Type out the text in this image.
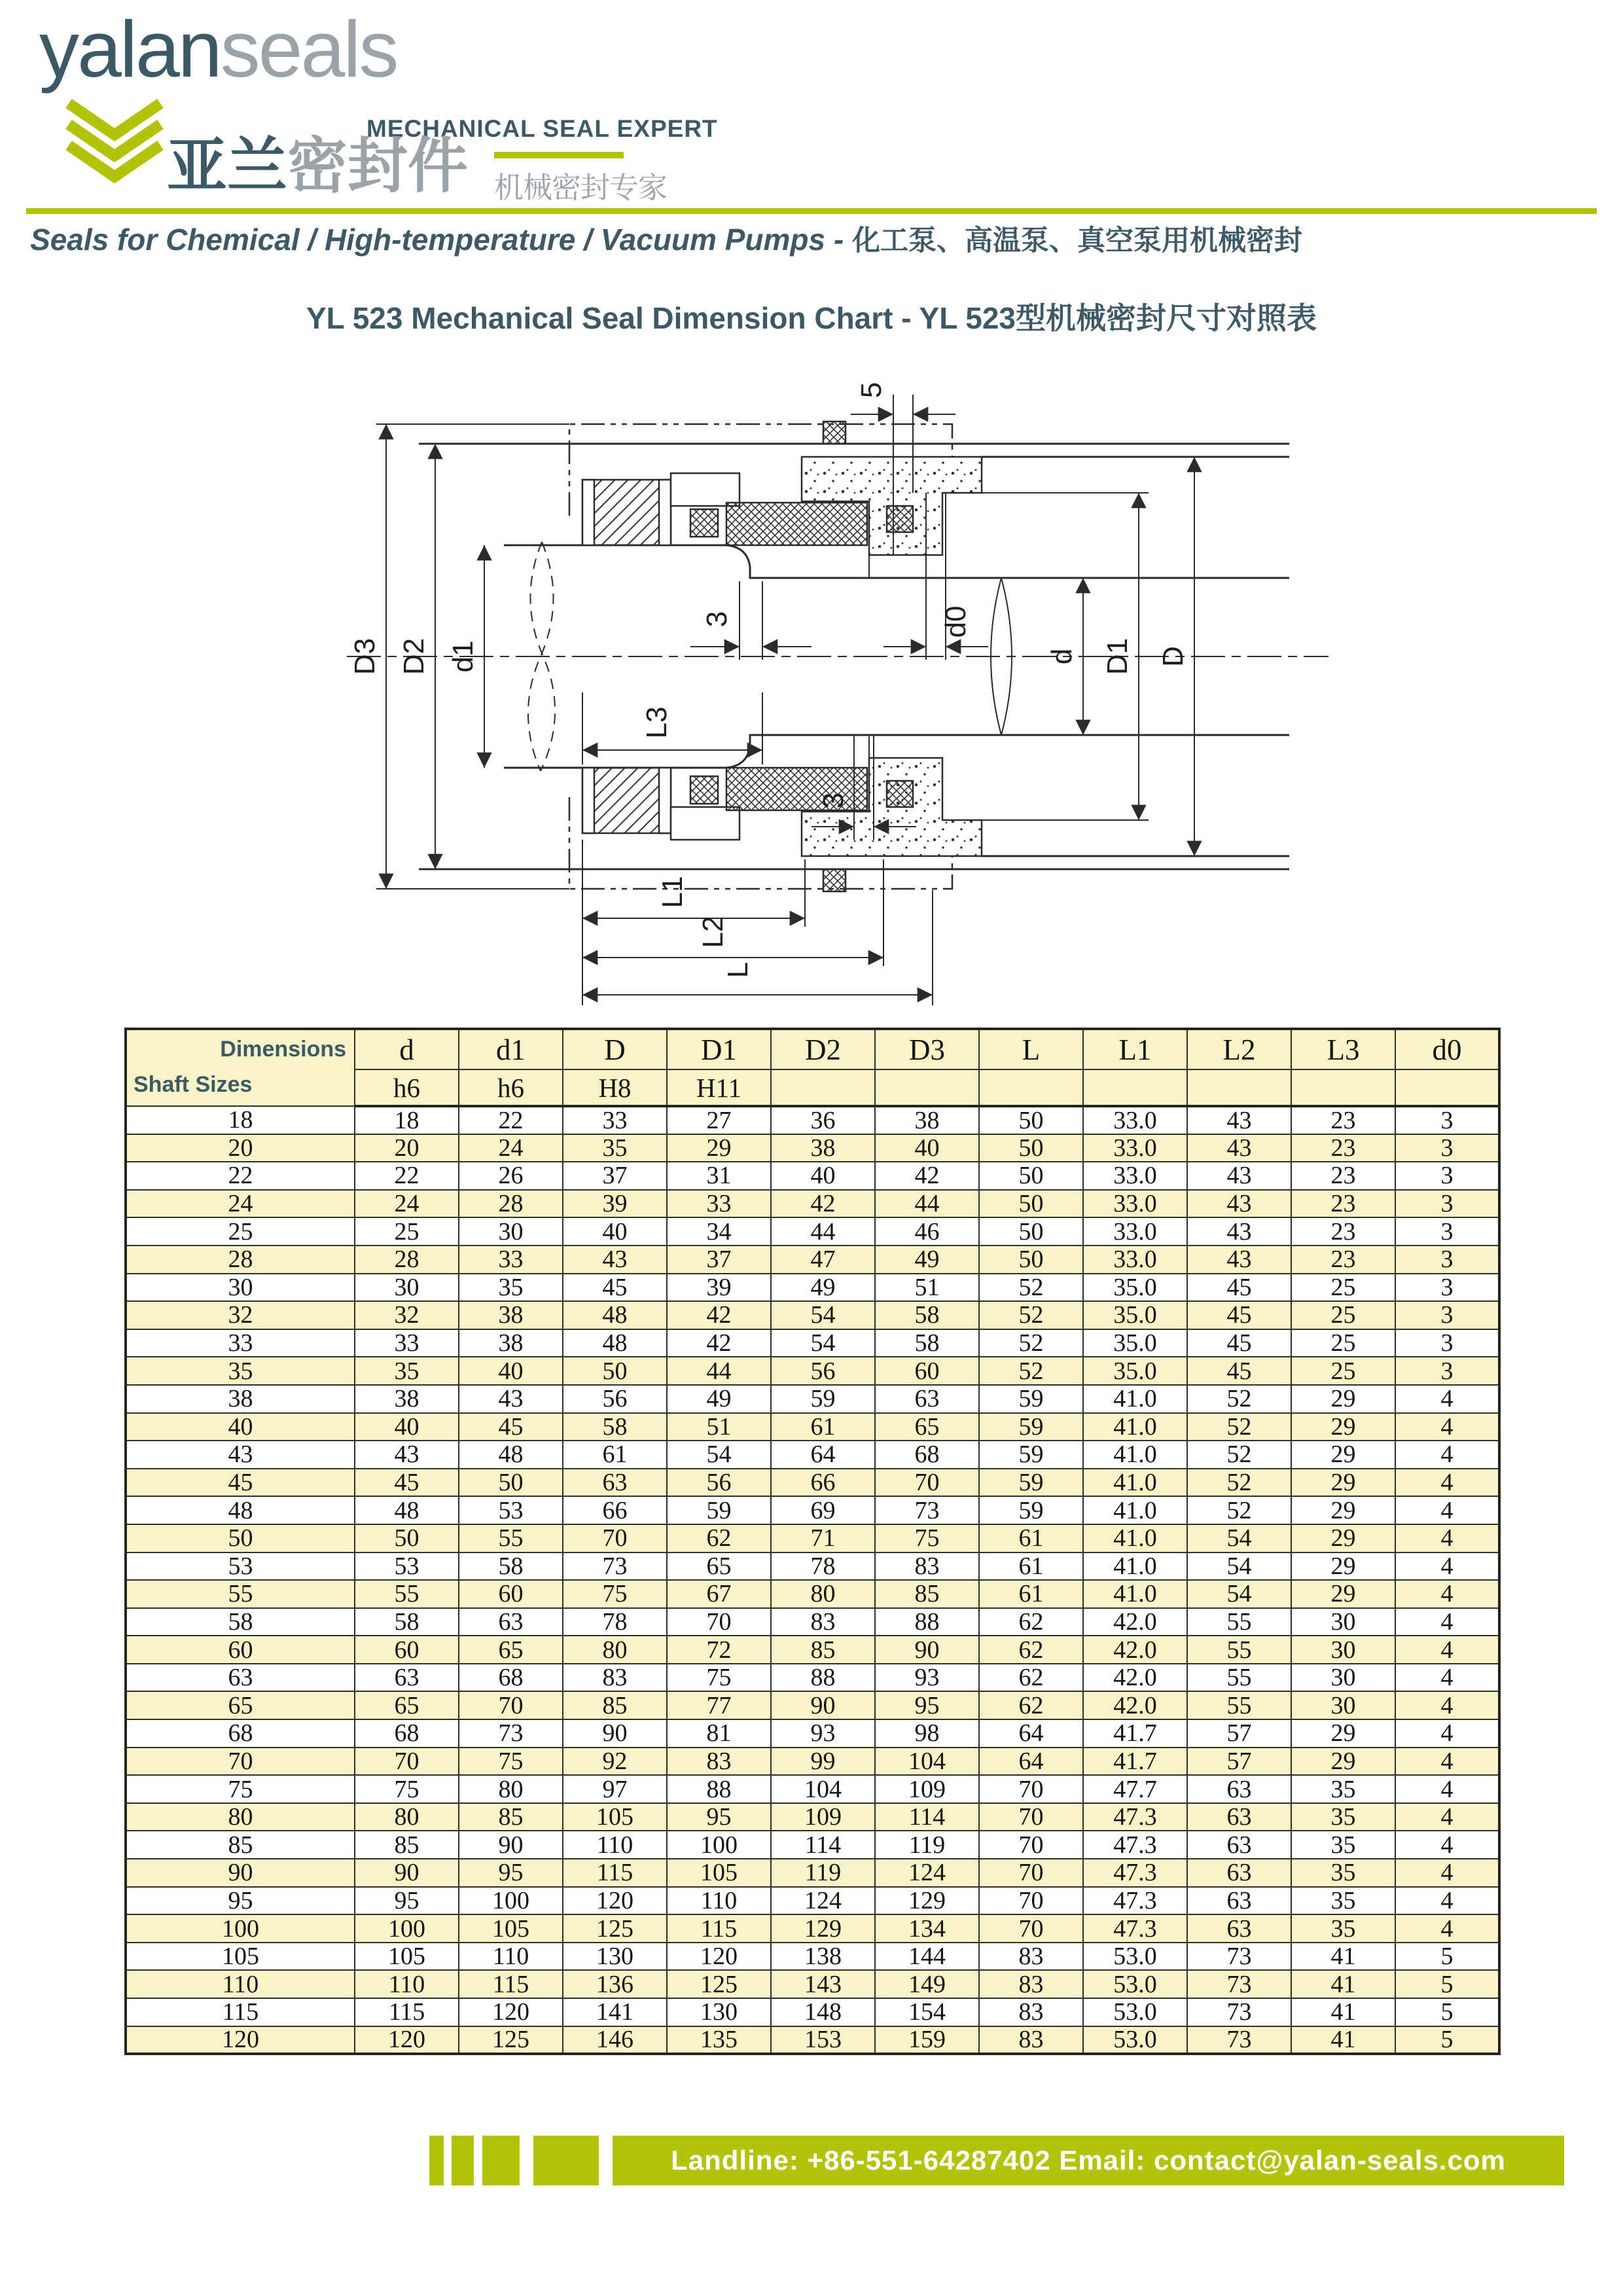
yalanseals
MECHANICAL SEAL EXPERT
亚兰密封件 机械密封专家
Seals for Chemical / High-temperature / Vacuum Pumps - 化工泵、高温泵、真空泵用机械密封
YL 523 Mechanical Seal Dimension Chart - YL 523型机械密封尺寸对照表
D3 D2 d1	d D1 D
5
3	d0
3
L3
L1
L2
L
Dimensions
Shaft Sizes	d	d1	D	D1	D2	D3	L	L1	L2	L3	d0
	h6	h6	H8	H11							
18	18	22	33	27	36	38	50	33.0	43	23	3
20	20	24	35	29	38	40	50	33.0	43	23	3
22	22	26	37	31	40	42	50	33.0	43	23	3
24	24	28	39	33	42	44	50	33.0	43	23	3
25	25	30	40	34	44	46	50	33.0	43	23	3
28	28	33	43	37	47	49	50	33.0	43	23	3
30	30	35	45	39	49	51	52	35.0	45	25	3
32	32	38	48	42	54	58	52	35.0	45	25	3
33	33	38	48	42	54	58	52	35.0	45	25	3
35	35	40	50	44	56	60	52	35.0	45	25	3
38	38	43	56	49	59	63	59	41.0	52	29	4
40	40	45	58	51	61	65	59	41.0	52	29	4
43	43	48	61	54	64	68	59	41.0	52	29	4
45	45	50	63	56	66	70	59	41.0	52	29	4
48	48	53	66	59	69	73	59	41.0	52	29	4
50	50	55	70	62	71	75	61	41.0	54	29	4
53	53	58	73	65	78	83	61	41.0	54	29	4
55	55	60	75	67	80	85	61	41.0	54	29	4
58	58	63	78	70	83	88	62	42.0	55	30	4
60	60	65	80	72	85	90	62	42.0	55	30	4
63	63	68	83	75	88	93	62	42.0	55	30	4
65	65	70	85	77	90	95	62	42.0	55	30	4
68	68	73	90	81	93	98	64	41.7	57	29	4
70	70	75	92	83	99	104	64	41.7	57	29	4
75	75	80	97	88	104	109	70	47.7	63	35	4
80	80	85	105	95	109	114	70	47.3	63	35	4
85	85	90	110	100	114	119	70	47.3	63	35	4
90	90	95	115	105	119	124	70	47.3	63	35	4
95	95	100	120	110	124	129	70	47.3	63	35	4
100	100	105	125	115	129	134	70	47.3	63	35	4
105	105	110	130	120	138	144	83	53.0	73	41	5
110	110	115	136	125	143	149	83	53.0	73	41	5
115	115	120	141	130	148	154	83	53.0	73	41	5
120	120	125	146	135	153	159	83	53.0	73	41	5
Landline: +86-551-64287402 Email: contact@yalan-seals.com
